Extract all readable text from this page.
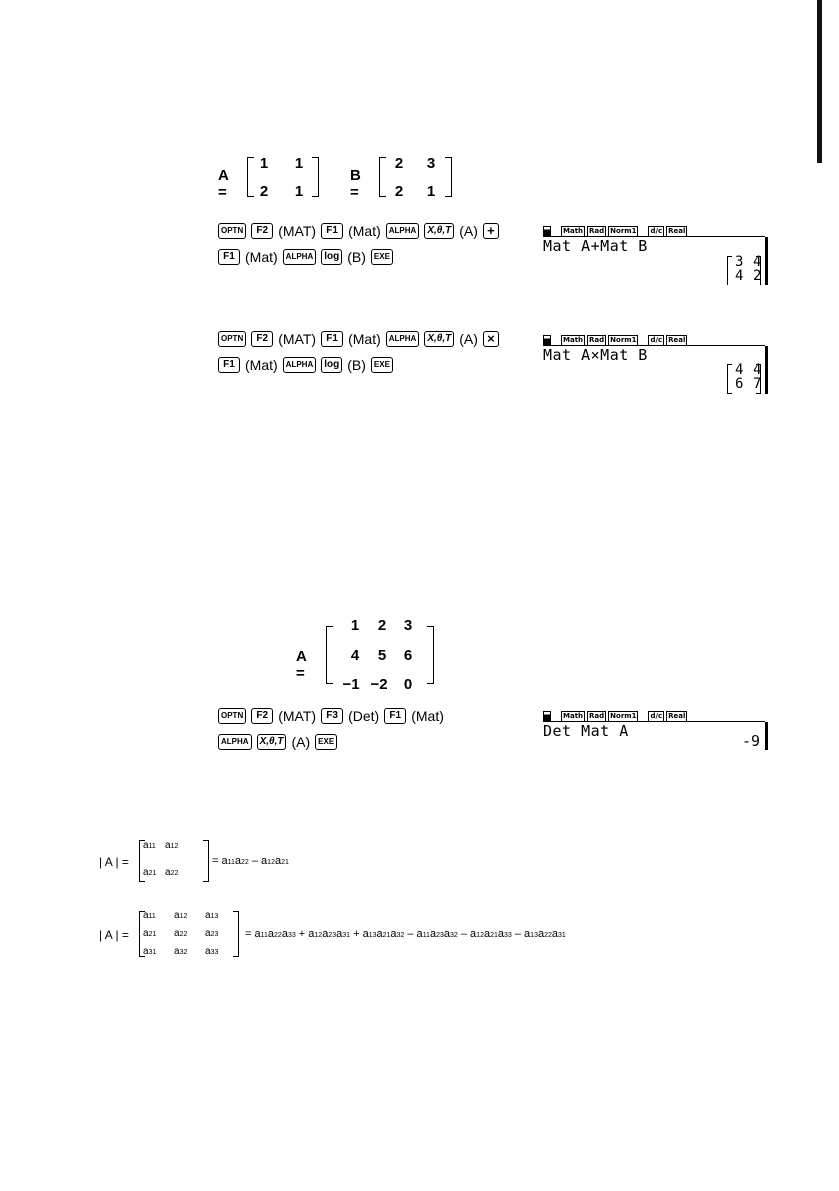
A =
1	1
2	1
B =
2	3
2	1
OPTN	F2 (MAT)	F1 (Mat)	ALPHA	X,θ,T (A) +
F1 (Mat)	ALPHA	log (B)	EXE
Math Rad Norm1 d/c Real
Mat A+Mat B
3 4
4 2
OPTN	F2 (MAT)	F1 (Mat)	ALPHA	X,θ,T (A) ×
F1 (Mat)	ALPHA	log (B)	EXE
Math Rad Norm1 d/c Real
Mat A×Mat B
4 4
6 7
A =
1	2	3
4	5	6
−1 −2	0
OPTN	F2 (MAT)	F3 (Det)	F1 (Mat)
ALPHA	X,θ,T (A)	EXE
Math Rad Norm1 d/c Real
Det Mat A
-9
| A | =
a11 a12
a21 a22
= a11a22 – a12a21
| A | =
a11 a12 a13
a21 a22 a23
a31 a32 a33
= a11a22a33 + a12a23a31 + a13a21a32 – a11a23a32 – a12a21a33 – a13a22a31
